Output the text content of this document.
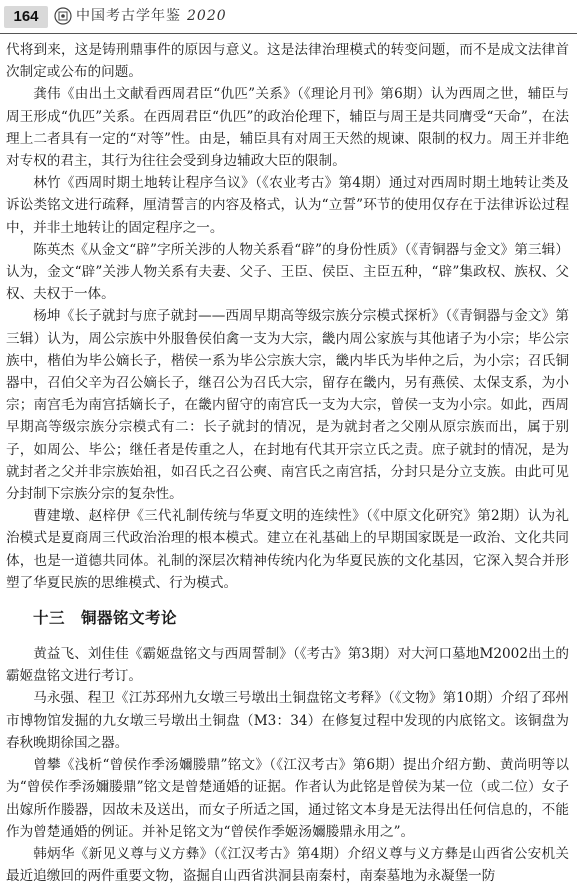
164	中国考古学年鉴 2020

代将到来，这是铸刑鼎事件的原因与意义。这是法律治理模式的转变问题，而不是成文法律首次制定或公布的问题。

龚伟《由出土文献看西周君臣“仇匹”关系》（《理论月刊》第6期）认为西周之世，辅臣与周王形成“仇匹”关系。在西周君臣“仇匹”的政治伦理下，辅臣与周王是共同膺受“天命”，在法理上二者具有一定的“对等”性。由是，辅臣具有对周王天然的规谏、限制的权力。周王并非绝对专权的君主，其行为往往会受到身边辅政大臣的限制。

林竹《西周时期土地转让程序刍议》（《农业考古》第4期）通过对西周时期土地转让类及诉讼类铭文进行疏释，厘清誓言的内容及格式，认为“立誓”环节的使用仅存在于法律诉讼过程中，并非土地转让的固定程序之一。

陈英杰《从金文“辟”字所关涉的人物关系看“辟”的身份性质》（《青铜器与金文》第三辑）认为，金文“辟”关涉人物关系有夫妻、父子、王臣、侯臣、主臣五种，“辟”集政权、族权、父权、夫权于一体。

杨坤《长子就封与庶子就封——西周早期高等级宗族分宗模式探析》（《青铜器与金文》第三辑）认为，周公宗族中外服鲁侯伯禽一支为大宗，畿内周公家族与其他诸子为小宗；毕公宗族中，楷伯为毕公嫡长子，楷侯一系为毕公宗族大宗，畿内毕氏为毕仲之后，为小宗；召氏铜器中，召伯父辛为召公嫡长子，继召公为召氏大宗，留存在畿内，另有燕侯、太保支系，为小宗；南宫毛为南宫括嫡长子，在畿内留守的南宫氏一支为大宗，曾侯一支为小宗。如此，西周早期高等级宗族分宗模式有二：长子就封的情况，是为就封者之父刚从原宗族而出，属于别子，如周公、毕公；继任者是传重之人，在封地有代其开宗立氏之责。庶子就封的情况，是为就封者之父并非宗族始祖，如召氏之召公奭、南宫氏之南宫括，分封只是分立支族。由此可见分封制下宗族分宗的复杂性。

曹建墩、赵梓伊《三代礼制传统与华夏文明的连续性》（《中原文化研究》第2期）认为礼治模式是夏商周三代政治治理的根本模式。建立在礼基础上的早期国家既是一政治、文化共同体，也是一道德共同体。礼制的深层次精神传统内化为华夏民族的文化基因，它深入契合并形塑了华夏民族的思维模式、行为模式。

十三　铜器铭文考论

黄益飞、刘佳佳《霸姬盘铭文与西周誓制》（《考古》第3期）对大河口墓地M2002出土的霸姬盘铭文进行考订。

马永强、程卫《江苏邳州九女墩三号墩出土铜盘铭文考释》（《文物》第10期）介绍了邳州市博物馆发掘的九女墩三号墩出土铜盘（M3：34）在修复过程中发现的内底铭文。该铜盘为春秋晚期徐国之器。

曾攀《浅析“曾侯作季汤嬭媵鼎”铭文》（《江汉考古》第6期）提出介绍方勤、黄尚明等以为“曾侯作季汤嬭媵鼎”铭文是曾楚通婚的证据。作者认为此铭是曾侯为某一位（或二位）女子出嫁所作媵器，因故未及送出，而女子所适之国，通过铭文本身是无法得出任何信息的，不能作为曾楚通婚的例证。并补足铭文为“曾侯作季姬汤嬭媵鼎永用之”。

韩炳华《新见义尊与义方彝》（《江汉考古》第4期）介绍义尊与义方彝是山西省公安机关最近追缴回的两件重要文物，盗掘自山西省洪洞县南秦村，南秦墓地为永凝堡一防
